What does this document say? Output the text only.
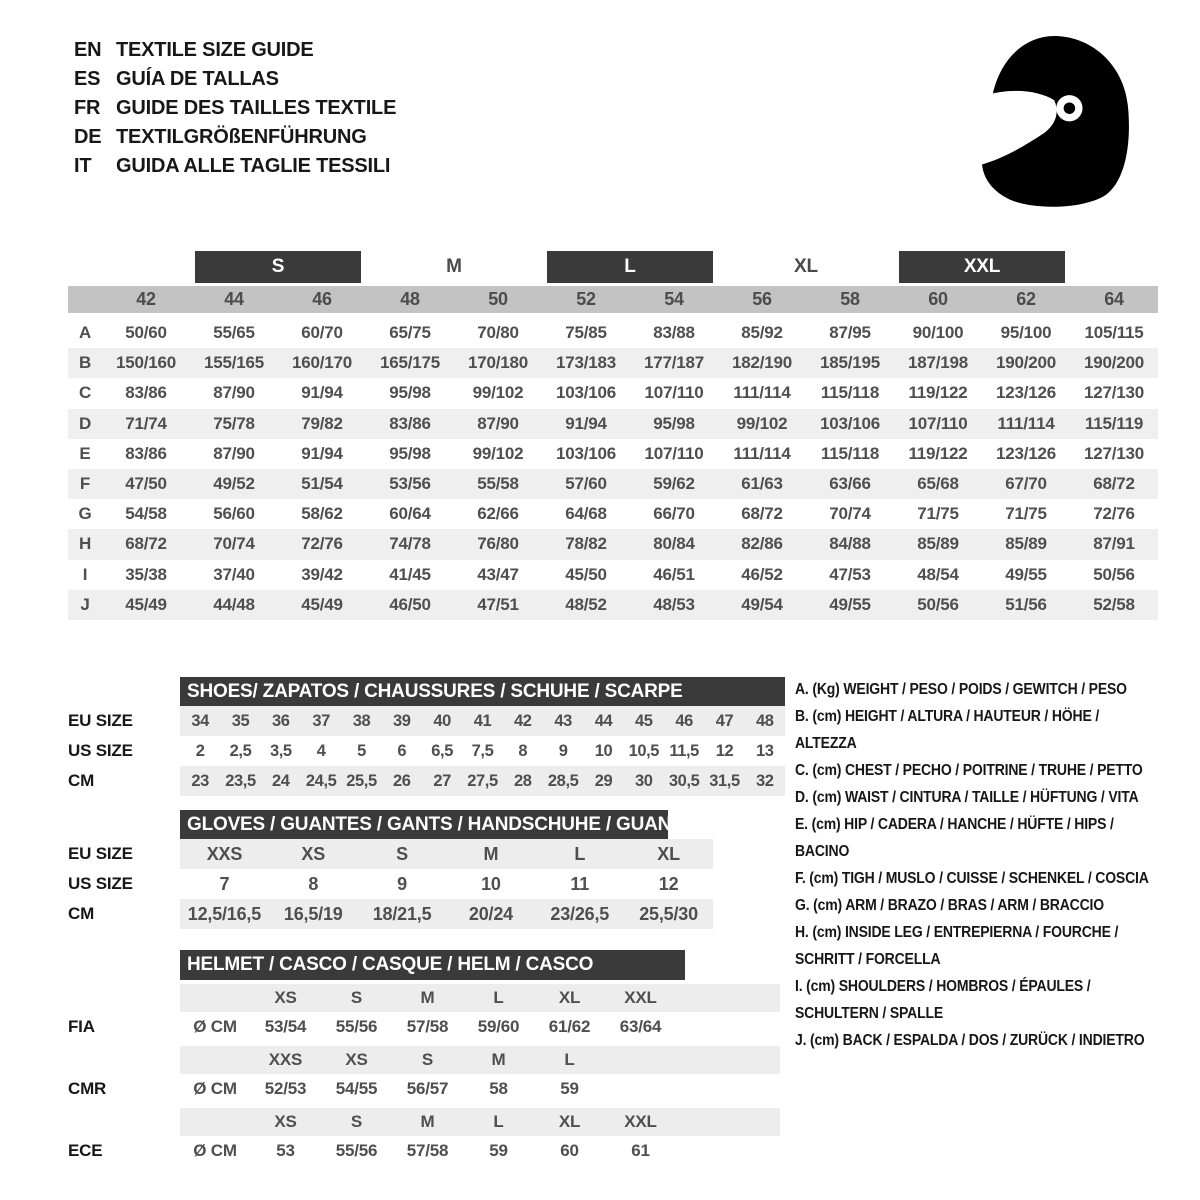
EN TEXTILE SIZE GUIDE
ES GUÍA DE TALLAS
FR GUIDE DES TAILLES TEXTILE
DE TEXTILGRÖßENFÜHRUNG
IT	GUIDA ALLE TAGLIE TESSILI
S	M	L	XL	XXL
42	44	46	48	50	52	54	56	58	60	62	64
A	50/60	55/65	60/70	65/75	70/80	75/85	83/88	85/92	87/95	90/100	95/100	105/115
B	150/160	155/165	160/170	165/175	170/180	173/183	177/187	182/190	185/195	187/198	190/200	190/200
C	83/86	87/90	91/94	95/98	99/102	103/106	107/110	111/114	115/118	119/122	123/126	127/130
D	71/74	75/78	79/82	83/86	87/90	91/94	95/98	99/102	103/106	107/110	111/114	115/119
E	83/86	87/90	91/94	95/98	99/102	103/106	107/110	111/114	115/118	119/122	123/126	127/130
F	47/50	49/52	51/54	53/56	55/58	57/60	59/62	61/63	63/66	65/68	67/70	68/72
G	54/58	56/60	58/62	60/64	62/66	64/68	66/70	68/72	70/74	71/75	71/75	72/76
H	68/72	70/74	72/76	74/78	76/80	78/82	80/84	82/86	84/88	85/89	85/89	87/91
I	35/38	37/40	39/42	41/45	43/47	45/50	46/51	46/52	47/53	48/54	49/55	50/56
J	45/49	44/48	45/49	46/50	47/51	48/52	48/53	49/54	49/55	50/56	51/56	52/58
SHOES/ ZAPATOS / CHAUSSURES / SCHUHE / SCARPE
EU SIZE	34	35	36	37	38	39	40	41	42	43	44	45	46	47	48
US SIZE	2	2,5	3,5	4	5	6	6,5	7,5	8	9	10 10,5 11,5	12	13
CM	23 23,5 24 24,5 25,5 26	27 27,5 28 28,5 29	30 30,5 31,5 32
GLOVES / GUANTES / GANTS / HANDSCHUHE / GUANTI
EU SIZE	XXS	XS	S	M	L	XL
US SIZE	7	8	9	10	11	12
CM	12,5/16,5	16,5/19	18/21,5	20/24	23/26,5	25,5/30
HELMET / CASCO / CASQUE / HELM / CASCO
XS	S	M	L	XL	XXL
FIA	Ø CM	53/54	55/56	57/58	59/60	61/62	63/64
XXS	XS	S	M	L
CMR	Ø CM	52/53	54/55	56/57	58	59
XS	S	M	L	XL	XXL
ECE	Ø CM	53	55/56	57/58	59	60	61
A. (Kg) WEIGHT / PESO / POIDS / GEWITCH / PESO
B. (cm) HEIGHT / ALTURA / HAUTEUR / HÖHE / ALTEZZA
C. (cm) CHEST / PECHO / POITRINE / TRUHE / PETTO
D. (cm) WAIST / CINTURA / TAILLE / HÜFTUNG / VITA
E. (cm) HIP / CADERA / HANCHE / HÜFTE / HIPS / BACINO
F. (cm) TIGH / MUSLO / CUISSE / SCHENKEL / COSCIA
G. (cm) ARM / BRAZO / BRAS / ARM / BRACCIO
H. (cm) INSIDE LEG / ENTREPIERNA / FOURCHE / SCHRITT / FORCELLA
I. (cm) SHOULDERS / HOMBROS / ÉPAULES / SCHULTERN / SPALLE
J. (cm) BACK / ESPALDA / DOS / ZURÜCK / INDIETRO
